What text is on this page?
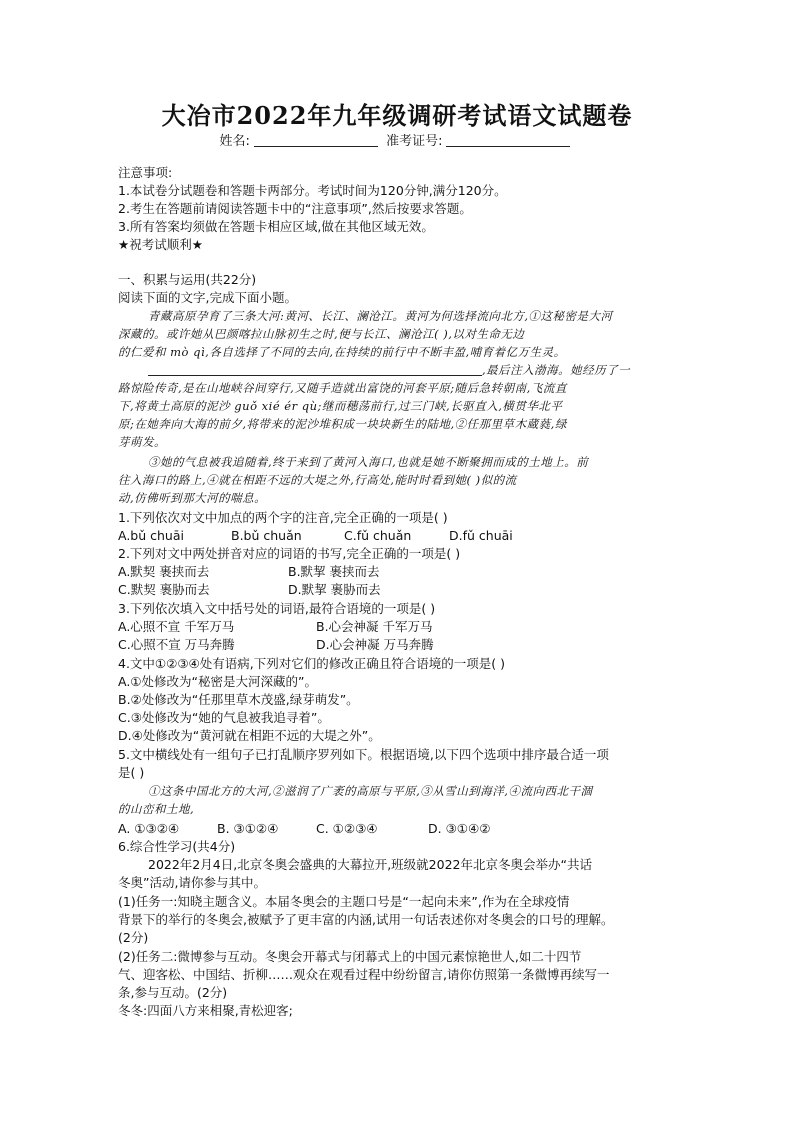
大冶市2022年九年级调研考试语文试题卷
姓名:	准考证号:
注意事项:
1.本试卷分试题卷和答题卡两部分。考试时间为120分钟,满分120分。
2.考生在答题前请阅读答题卡中的“注意事项”,然后按要求答题。
3.所有答案均须做在答题卡相应区域,做在其他区域无效。
★祝考试顺利★
一、积累与运用(共22分)
阅读下面的文字,完成下面小题。
青藏高原孕育了三条大河:黄河、长江、澜沧江。黄河为何选择流向北方,①这秘密是大河
深藏的。或许她从巴颜喀拉山脉初生之时,便与长江、澜沧江( ),以对生命无边
的仁爱和 mò qì,各自选择了不同的去向,在持续的前行中不断丰盈,哺育着亿万生灵。
,最后注入渤海。她经历了一
路惊险传奇,是在山地峡谷间穿行,又随手造就出富饶的河套平原;随后急转朝南,飞流直
下,将黄土高原的泥沙 guǒ xié ér qù;继而穗荡前行,过三门峡,长驱直入,横贯华北平
原;在她奔向大海的前夕,将带来的泥沙堆积成一块块新生的陆地,②任那里草木蔵蕤,绿
芽萌发。
③她的气息被我追随着,终于来到了黄河入海口,也就是她不断聚拥而成的土地上。前
往入海口的路上,④就在相距不远的大堤之外,行高处,能时时看到她( )似的流
动,仿佛听到那大河的喘息。
1.下列依次对文中加点的两个字的注音,完全正确的一项是( )
A.bǔ chuāi	B.bǔ chuǎn	C.fǔ chuǎn	D.fǔ chuāi
2.下列对文中两处拼音对应的词语的书写,完全正确的一项是( )
A.默契 裹挟而去	B.默挈 裹挟而去
C.默契 裹胁而去	D.默挈 裹胁而去
3.下列依次填入文中括号处的词语,最符合语境的一项是( )
A.心照不宣 千军万马	B.心会神凝 千军万马
C.心照不宣 万马奔腾	D.心会神凝 万马奔腾
4.文中①②③④处有语病,下列对它们的修改正确且符合语境的一项是( )
A.①处修改为“秘密是大河深藏的”。
B.②处修改为“任那里草木茂盛,绿芽萌发”。
C.③处修改为“她的气息被我追寻着”。
D.④处修改为“黄河就在相距不远的大堤之外”。
5.文中横线处有一组句子已打乱顺序罗列如下。根据语境,以下四个选项中排序最合适一项
是( )
①这条中国北方的大河,②滋润了广袤的高原与平原,③从雪山到海洋,④流向西北干涸
的山峦和土地,
A. ①③②④	B. ③①②④	C. ①②③④	D. ③①④②
6.综合性学习(共4分)
2022年2月4日,北京冬奥会盛典的大幕拉开,班级就2022年北京冬奥会举办“共话
冬奥”活动,请你参与其中。
(1)任务一:知晓主题含义。本届冬奥会的主题口号是“一起向未来”,作为在全球疫情
背景下的举行的冬奥会,被赋予了更丰富的内涵,试用一句话表述你对冬奥会的口号的理解。
(2分)
(2)任务二:微博参与互动。冬奥会开幕式与闭幕式上的中国元素惊艳世人,如二十四节
气、迎客松、中国结、折柳……观众在观看过程中纷纷留言,请你仿照第一条微博再续写一
条,参与互动。(2分)
冬冬:四面八方来相聚,青松迎客;
